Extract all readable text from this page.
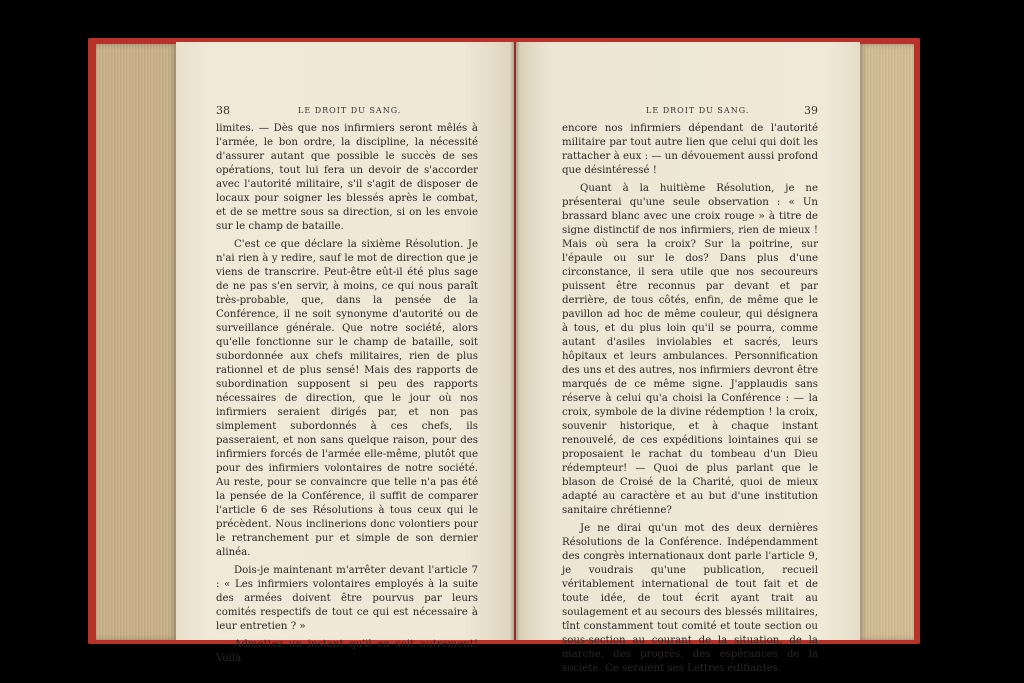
38	LE DROIT DU SANG.

limites. — Dès que nos infirmiers seront mêlés à l'armée, le bon ordre, la discipline, la nécessité d'assurer autant que possible le succès de ses opérations, tout lui fera un devoir de s'accorder avec l'autorité militaire, s'il s'agit de disposer de locaux pour soigner les blessés après le combat, et de se mettre sous sa direction, si on les envoie sur le champ de bataille.

C'est ce que déclare la sixième Résolution. Je n'ai rien à y redire, sauf le mot de direction que je viens de transcrire. Peut-être eût-il été plus sage de ne pas s'en servir, à moins, ce qui nous paraît très-probable, que, dans la pensée de la Conférence, il ne soit synonyme d'autorité ou de surveillance générale. Que notre société, alors qu'elle fonctionne sur le champ de bataille, soit subordonnée aux chefs militaires, rien de plus rationnel et de plus sensé! Mais des rapports de subordination supposent si peu des rapports nécessaires de direction, que le jour où nos infirmiers seraient dirigés par, et non pas simplement subordonnés à ces chefs, ils passeraient, et non sans quelque raison, pour des infirmiers forcés de l'armée elle-même, plutôt que pour des infirmiers volontaires de notre société. Au reste, pour se convaincre que telle n'a pas été la pensée de la Conférence, il suffit de comparer l'article 6 de ses Résolutions à tous ceux qui le précèdent. Nous inclinerions donc volontiers pour le retranchement pur et simple de son dernier alinéa.

Dois-je maintenant m'arrêter devant l'article 7 : « Les infirmiers volontaires employés à la suite des armées doivent être pourvus par leurs comités respectifs de tout ce qui est nécessaire à leur entretien ? »

Admettez un instant qu'il en soit autrement! Voilà

LE DROIT DU SANG.	39

encore nos infirmiers dépendant de l'autorité militaire par tout autre lien que celui qui doit les rattacher à eux : — un dévouement aussi profond que désintéressé !

Quant à la huitième Résolution, je ne présenterai qu'une seule observation : « Un brassard blanc avec une croix rouge » à titre de signe distinctif de nos infirmiers, rien de mieux ! Mais où sera la croix? Sur la poitrine, sur l'épaule ou sur le dos? Dans plus d'une circonstance, il sera utile que nos secoureurs puissent être reconnus par devant et par derrière, de tous côtés, enfin, de même que le pavillon ad hoc de même couleur, qui désignera à tous, et du plus loin qu'il se pourra, comme autant d'asiles inviolables et sacrés, leurs hôpitaux et leurs ambulances. Personnification des uns et des autres, nos infirmiers devront être marqués de ce même signe. J'applaudis sans réserve à celui qu'a choisi la Conférence : — la croix, symbole de la divine rédemption ! la croix, souvenir historique, et à chaque instant renouvelé, de ces expéditions lointaines qui se proposaient le rachat du tombeau d'un Dieu rédempteur! — Quoi de plus parlant que le blason de Croisé de la Charité, quoi de mieux adapté au caractère et au but d'une institution sanitaire chrétienne?

Je ne dirai qu'un mot des deux dernières Résolutions de la Conférence. Indépendamment des congrès internationaux dont parle l'article 9, je voudrais qu'une publication, recueil véritablement international de tout fait et de toute idée, de tout écrit ayant trait au soulagement et au secours des blessés militaires, tînt constamment tout comité et toute section ou sous-section au courant de la situation, de la marche, des progrès, des espérances de la société. Ce seraient ses Lettres édifiantes.
